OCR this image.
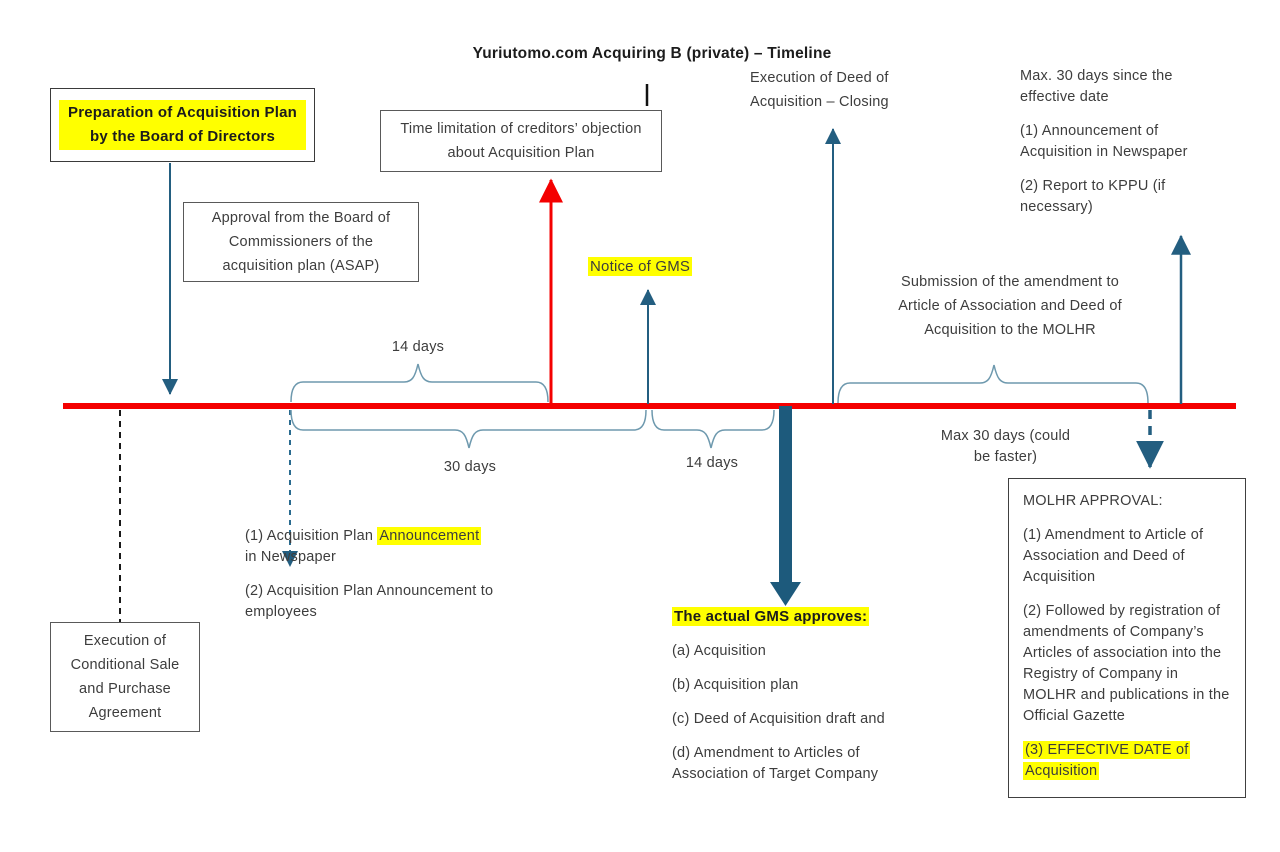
Yuriutomo.com Acquiring B (private) – Timeline
Preparation of Acquisition Plan by the Board of Directors
Approval from the Board of Commissioners of the acquisition plan (ASAP)
Time limitation of creditors’ objection about Acquisition Plan
Notice of GMS
Execution of Deed of Acquisition – Closing

Max. 30 days since the effective date

(1) Announcement of Acquisition in Newspaper

(2) Report to KPPU (if necessary)

Submission of the amendment to Article of Association and Deed of Acquisition to the MOLHR
14 days
30 days	14 days
Max 30 days (could be faster)

(1) Acquisition Plan Announcement in Newspaper

(2) Acquisition Plan Announcement to employees

Execution of Conditional Sale and Purchase Agreement

The actual GMS approves:

(a) Acquisition

(b) Acquisition plan

(c) Deed of Acquisition draft and

(d) Amendment to Articles of Association of Target Company

MOLHR APPROVAL:

(1) Amendment to Article of Association and Deed of Acquisition

(2) Followed by registration of amendments of Company’s Articles of association into the Registry of Company in MOLHR and publications in the Official Gazette

(3) EFFECTIVE DATE of Acquisition
